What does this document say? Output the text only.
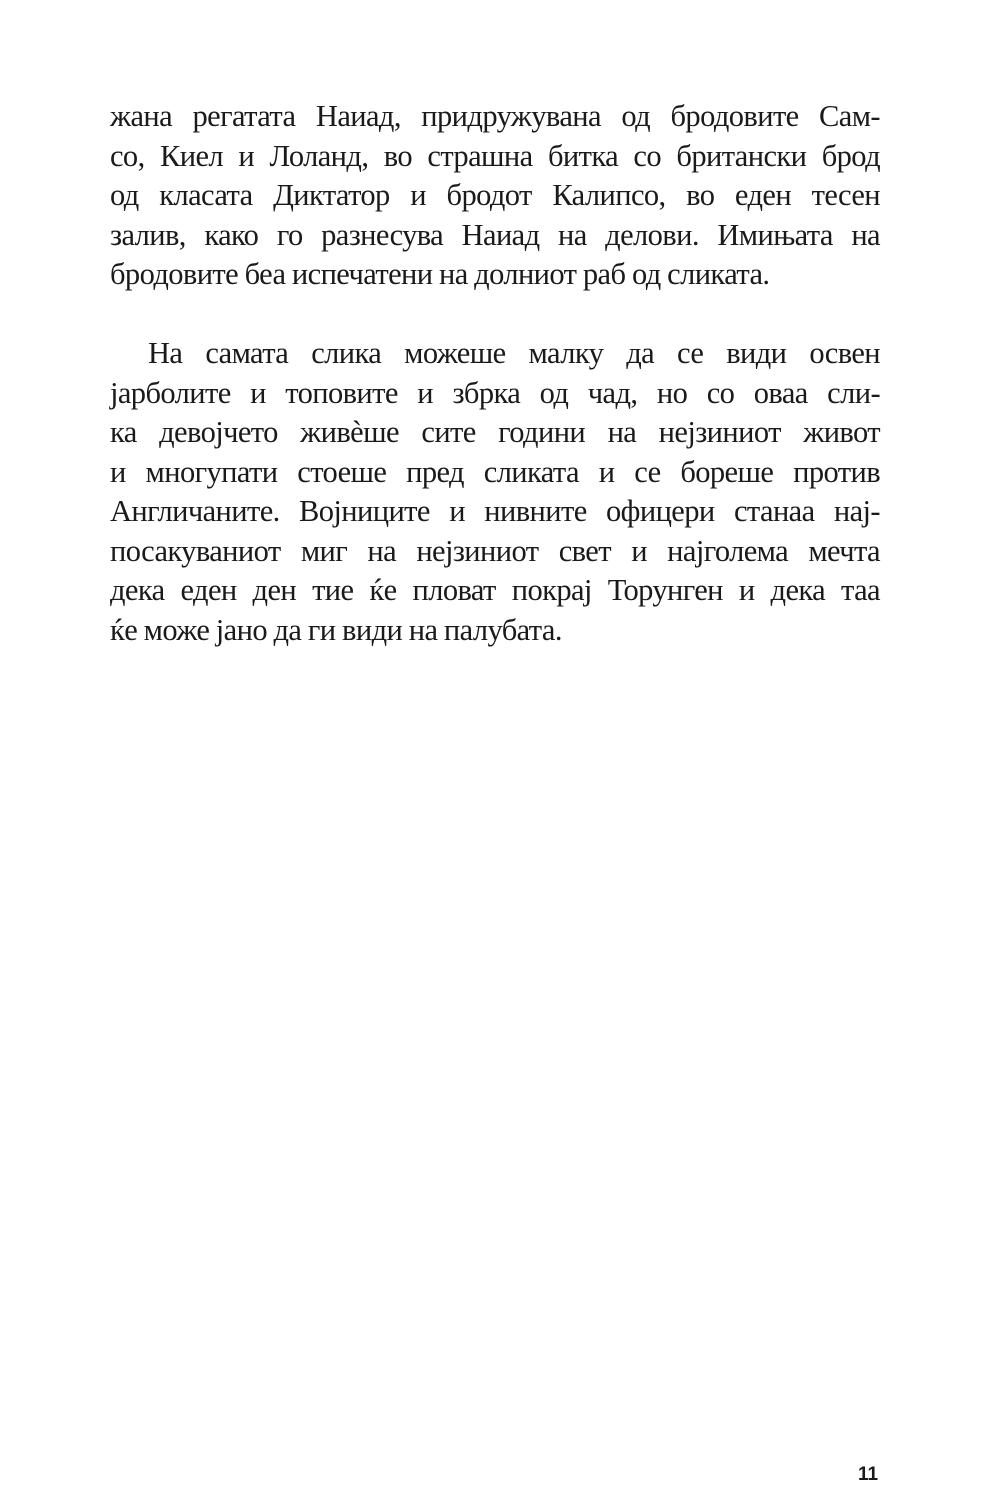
жана регатата Наиад, придружувана од бродовите Сам-
со, Киел и Лоланд, во страшна битка со британски брод
од класата Диктатор и бродот Калипсо, во еден тесен
залив, како го разнесува Наиад на делови. Имињата на
бродовите беа испечатени на долниот раб од сликата.
На самата слика можеше малку да се види освен
јарболите и топовите и збрка од чад, но со оваа сли-
ка девојчето живѐше сите години на нејзиниот живот
и многупати стоеше пред сликата и се бореше против
Англичаните. Војниците и нивните офицери станаа нај-
посакуваниот миг на нејзиниот свет и најголема мечта
дека еден ден тие ќе пловат покрај Торунген и дека таа
ќе може јано да ги види на палубата.
11
